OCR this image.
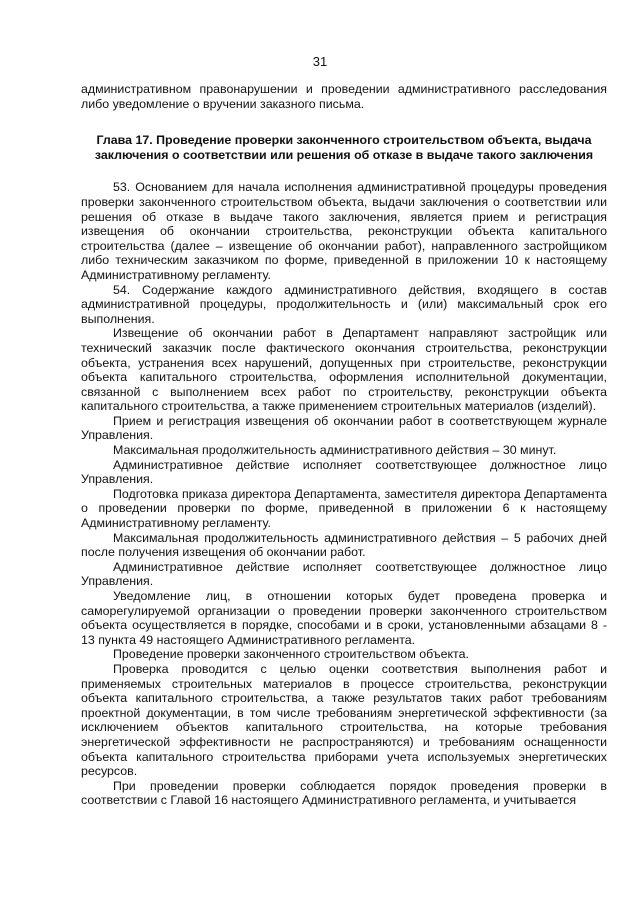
31

административном правонарушении и проведении административного расследования либо уведомление о вручении заказного письма.

Глава 17. Проведение проверки законченного строительством объекта, выдача заключения о соответствии или решения об отказе в выдаче такого заключения

53. Основанием для начала исполнения административной процедуры проведения проверки законченного строительством объекта, выдачи заключения о соответствии или решения об отказе в выдаче такого заключения, является прием и регистрация извещения об окончании строительства, реконструкции объекта капитального строительства (далее – извещение об окончании работ), направленного застройщиком либо техническим заказчиком по форме, приведенной в приложении 10 к настоящему Административному регламенту.

54. Содержание каждого административного действия, входящего в состав административной процедуры, продолжительность и (или) максимальный срок его выполнения.

Извещение об окончании работ в Департамент направляют застройщик или технический заказчик после фактического окончания строительства, реконструкции объекта, устранения всех нарушений, допущенных при строительстве, реконструкции объекта капитального строительства, оформления исполнительной документации, связанной с выполнением всех работ по строительству, реконструкции объекта капитального строительства, а также применением строительных материалов (изделий).

Прием и регистрация извещения об окончании работ в соответствующем журнале Управления.

Максимальная продолжительность административного действия – 30 минут.

Административное действие исполняет соответствующее должностное лицо Управления.

Подготовка приказа директора Департамента, заместителя директора Департамента о проведении проверки по форме, приведенной в приложении 6 к настоящему Административному регламенту.

Максимальная продолжительность административного действия – 5 рабочих дней после получения извещения об окончании работ.

Административное действие исполняет соответствующее должностное лицо Управления.

Уведомление лиц, в отношении которых будет проведена проверка и саморегулируемой организации о проведении проверки законченного строительством объекта осуществляется в порядке, способами и в сроки, установленными абзацами 8 - 13 пункта 49 настоящего Административного регламента.

Проведение проверки законченного строительством объекта.

Проверка проводится с целью оценки соответствия выполнения работ и применяемых строительных материалов в процессе строительства, реконструкции объекта капитального строительства, а также результатов таких работ требованиям проектной документации, в том числе требованиям энергетической эффективности (за исключением объектов капитального строительства, на которые требования энергетической эффективности не распространяются) и требованиям оснащенности объекта капитального строительства приборами учета используемых энергетических ресурсов.

При проведении проверки соблюдается порядок проведения проверки в соответствии с Главой 16 настоящего Административного регламента, и учитывается
